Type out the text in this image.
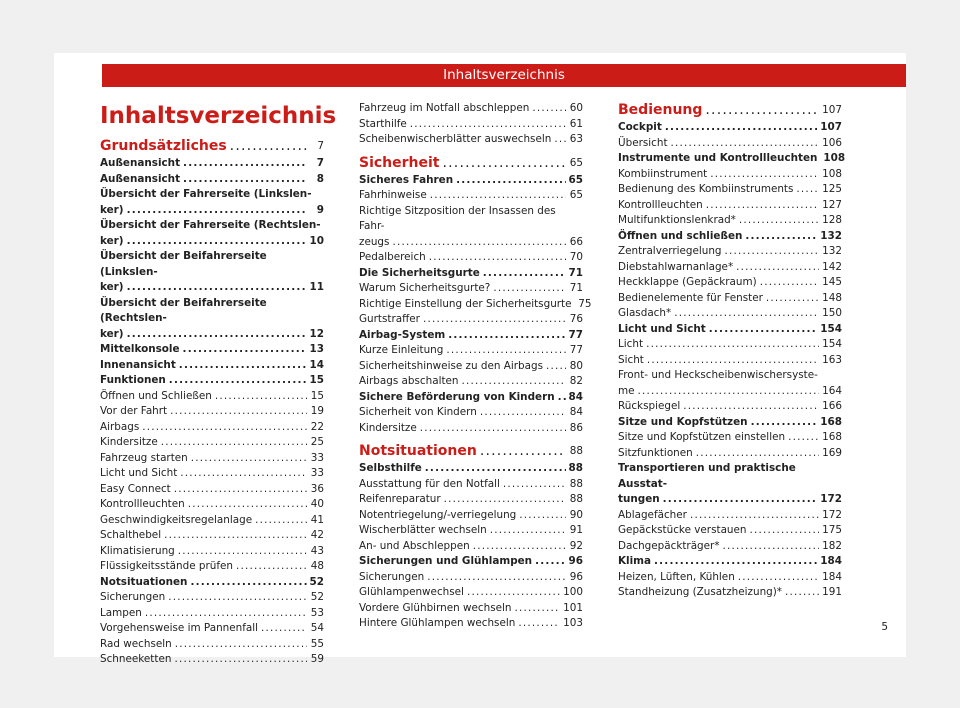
Inhaltsverzeichnis
Inhaltsverzeichnis
Grundsätzliches .....	7
Außenansicht .....	7
Außenansicht .....	8
Übersicht der Fahrerseite (Linkslen-
ker) .....	9
Übersicht der Fahrerseite (Rechtslen-
ker) .....	10
Übersicht der Beifahrerseite (Linkslen-
ker) .....	11
Übersicht der Beifahrerseite (Rechtslen-
ker) .....	12
Mittelkonsole .....	13
Innenansicht .....	14
Funktionen .....	15
Öffnen und Schließen .....	15
Vor der Fahrt .....	19
Airbags .....	22
Kindersitze .....	25
Fahrzeug starten .....	33
Licht und Sicht .....	33
Easy Connect .....	36
Kontrollleuchten .....	40
Geschwindigkeitsregelanlage .....	41
Schalthebel .....	42
Klimatisierung .....	43
Flüssigkeitsstände prüfen .....	48
Notsituationen .....	52
Sicherungen .....	52
Lampen .....	53
Vorgehensweise im Pannenfall .....	54
Rad wechseln .....	55
Schneeketten .....	59
Fahrzeug im Notfall abschleppen .....	60
Starthilfe .....	61
Scheibenwischerblätter auswechseln ..... 63
Sicherheit .....	65
Sicheres Fahren .....	65
Fahrhinweise .....	65
Richtige Sitzposition der Insassen des Fahr-
zeugs .....	66
Pedalbereich .....	70
Die Sicherheitsgurte .....	71
Warum Sicherheitsgurte? .....	71
Richtige Einstellung der Sicherheitsgurte 75
Gurtstraffer .....	76
Airbag-System .....	77
Kurze Einleitung .....	77
Sicherheitshinweise zu den Airbags .....	80
Airbags abschalten .....	82
Sichere Beförderung von Kindern ..... 84
Sicherheit von Kindern .....	84
Kindersitze .....	86
Notsituationen .....	88
Selbsthilfe .....	88
Ausstattung für den Notfall .....	88
Reifenreparatur .....	88
Notentriegelung/-verriegelung .....	90
Wischerblätter wechseln .....	91
An- und Abschleppen .....	92
Sicherungen und Glühlampen .....	96
Sicherungen .....	96
Glühlampenwechsel .....	100
Vordere Glühbirnen wechseln .....	101
Hintere Glühlampen wechseln .....	103
Bedienung .....	107
Cockpit .....	107
Übersicht .....	106
Instrumente und Kontrollleuchten 108
Kombiinstrument .....	108
Bedienung des Kombiinstruments .....	125
Kontrollleuchten .....	127
Multifunktionslenkrad* .....	128
Öffnen und schließen .....	132
Zentralverriegelung .....	132
Diebstahlwarnanlage* .....	142
Heckklappe (Gepäckraum) .....	145
Bedienelemente für Fenster .....	148
Glasdach* .....	150
Licht und Sicht .....	154
Licht .....	154
Sicht .....	163
Front- und Heckscheibenwischersyste-
me .....	164
Rückspiegel .....	166
Sitze und Kopfstützen .....	168
Sitze und Kopfstützen einstellen .....	168
Sitzfunktionen .....	169
Transportieren und praktische Ausstat-
tungen .....	172
Ablagefächer .....	172
Gepäckstücke verstauen .....	175
Dachgepäckträger* .....	182
Klima .....	184
Heizen, Lüften, Kühlen .....	184
Standheizung (Zusatzheizung)* .....	191
5
